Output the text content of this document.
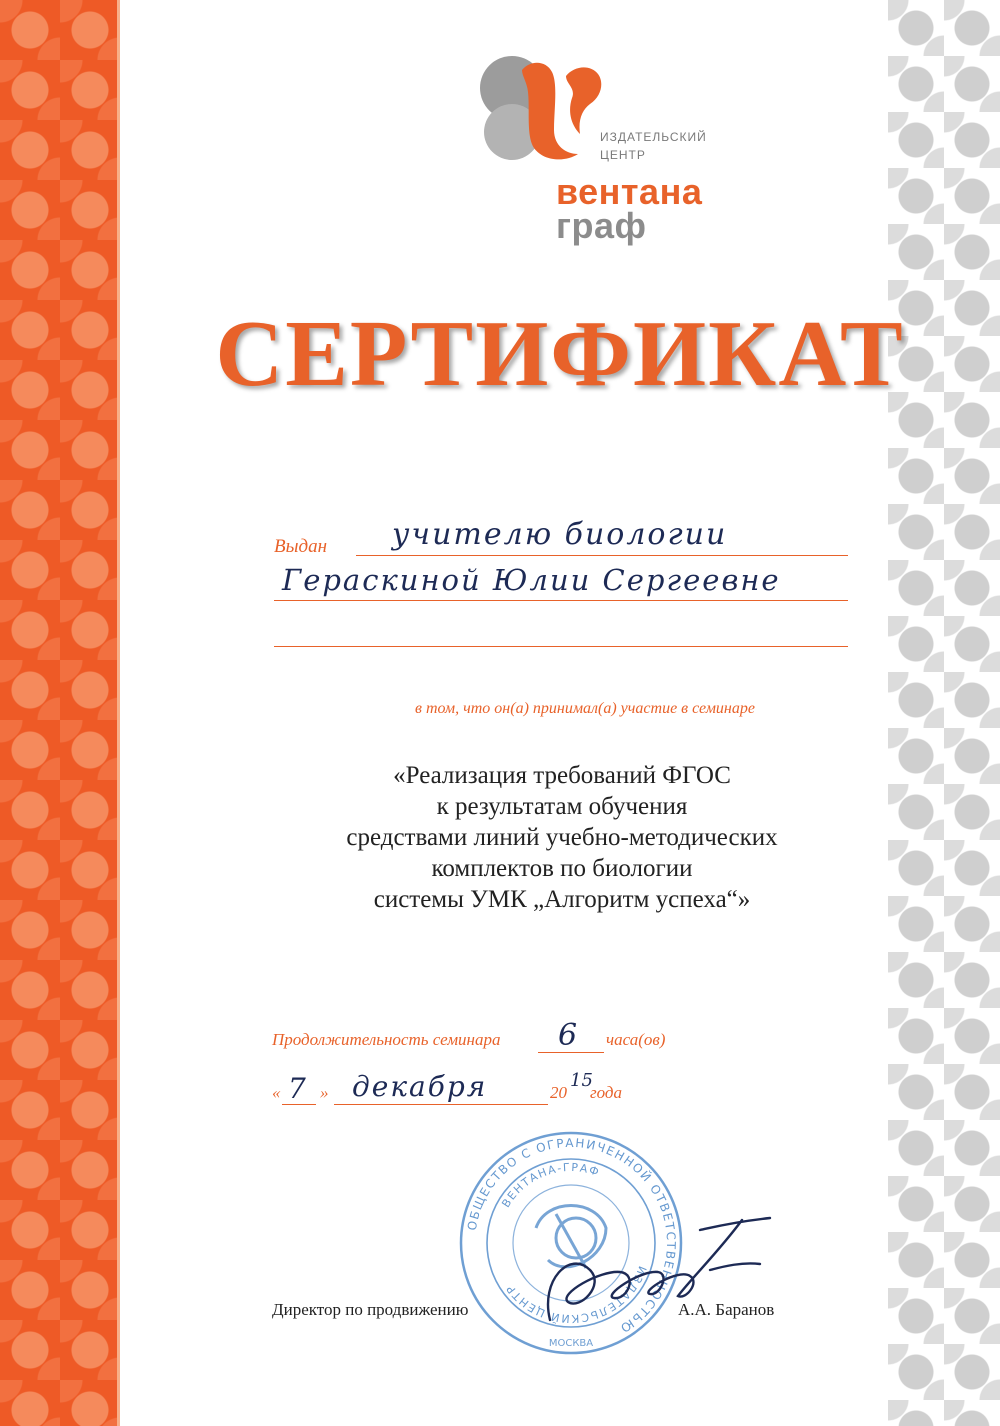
ИЗДАТЕЛЬСКИЙ
ЦЕНТР
вентана
граф
СЕРТИФИКАТ
Выдан учителю биологии
Гераскиной Юлии Сергеевне
в том, что он(а) принимал(а) участие в семинаре
«Реализация требований ФГОС
к результатам обучения
средствами линий учебно-методических
комплектов по биологии
системы УМК „Алгоритм успеха“»
Продолжительность семинара 6 часа(ов)
« 7 » декабря	20
15
года
ОБЩЕСТВО С ОГРАНИЧЕННОЙ ОТВЕТСТВЕННОСТЬЮ
ИЗДАТЕЛЬСКИЙ ЦЕНТР
ВЕНТАНА-ГРАФ
МОСКВА
Директор по продвижению	А.А. Баранов
